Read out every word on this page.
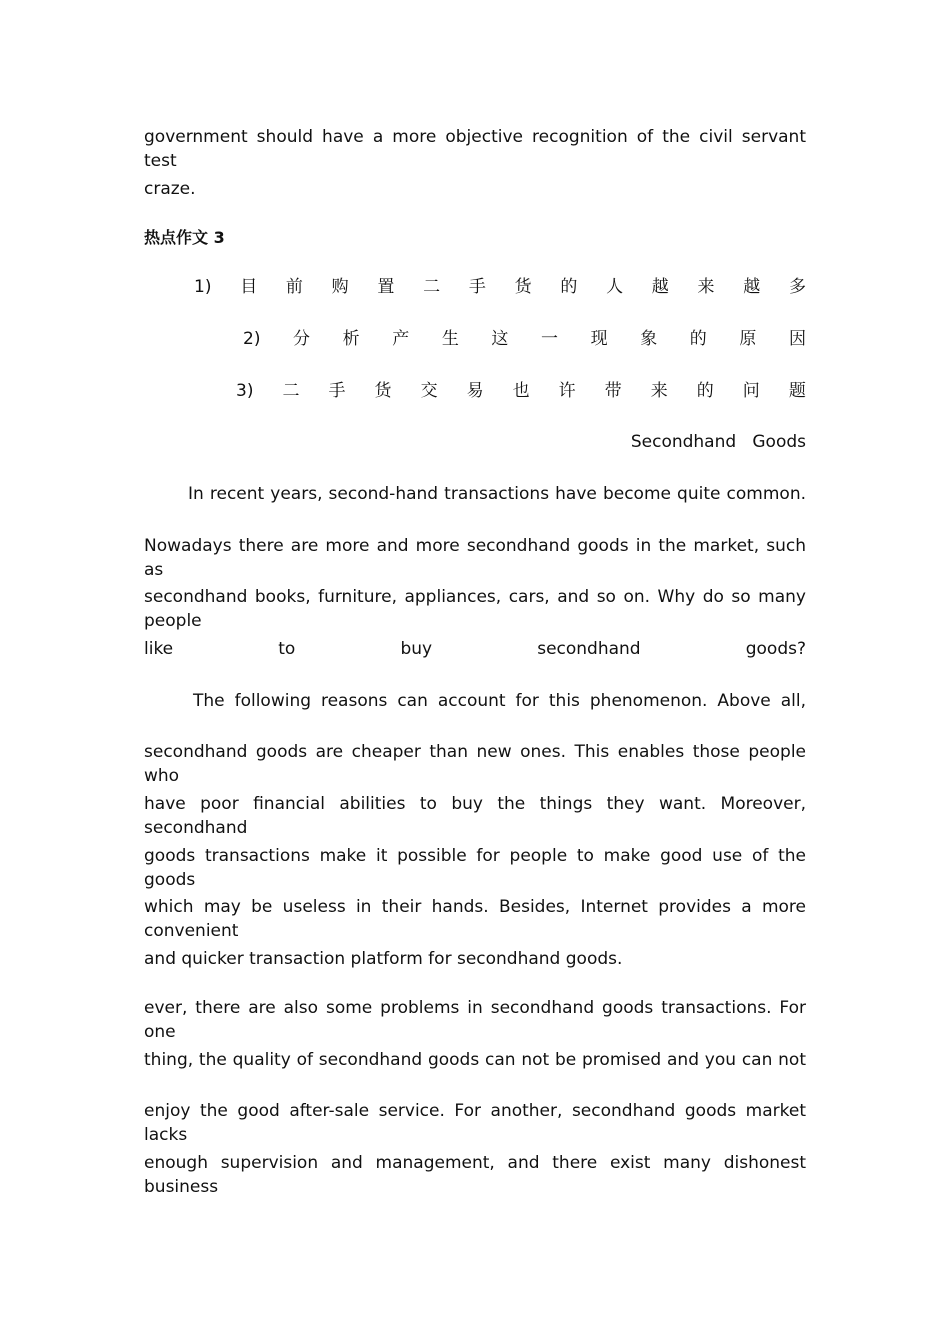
government should have a more objective recognition of the civil servant test
craze.
热点作文 3
1) 目 前 购 置 二 手 货 的 人 越 来 越 多
2) 分 析 产 生 这 一 现 象 的 原 因
3) 二 手 货 交 易 也 许 带 来 的 问 题
Secondhand   Goods
In recent years, second-hand transactions have become quite common.
Nowadays there are more and more secondhand goods in the market, such as
secondhand books, furniture, appliances, cars, and so on. Why do so many people
like to buy secondhand goods?
The following reasons can account for this phenomenon. Above all,
secondhand goods are cheaper than new ones. This enables those people who
have poor financial abilities to buy the things they want. Moreover, secondhand
goods transactions make it possible for people to make good use of the goods
which may be useless in their hands. Besides, Internet provides a more convenient
and quicker transaction platform for secondhand goods.
ever, there are also some problems in secondhand goods transactions. For one
thing, the quality of secondhand goods can not be promised and you can not
enjoy the good after-sale service. For another, secondhand goods market lacks
enough supervision and management, and there exist many dishonest business
